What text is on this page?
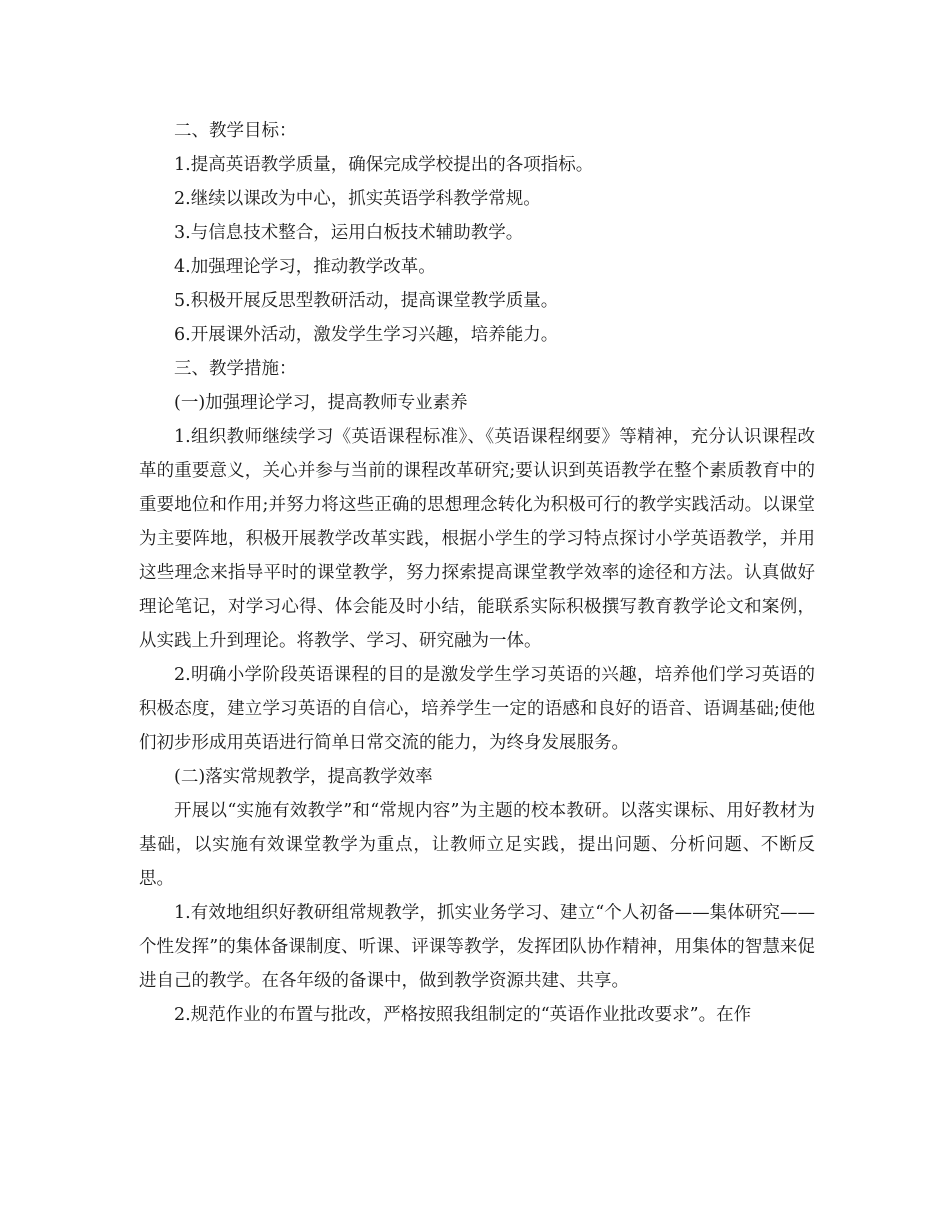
二、教学目标：

1.提高英语教学质量，确保完成学校提出的各项指标。

2.继续以课改为中心，抓实英语学科教学常规。

3.与信息技术整合，运用白板技术辅助教学。

4.加强理论学习，推动教学改革。

5.积极开展反思型教研活动，提高课堂教学质量。

6.开展课外活动，激发学生学习兴趣，培养能力。

三、教学措施：

(一)加强理论学习，提高教师专业素养

1.组织教师继续学习《英语课程标准》、《英语课程纲要》等精神，充分认识课程改革的重要意义，关心并参与当前的课程改革研究;要认识到英语教学在整个素质教育中的重要地位和作用;并努力将这些正确的思想理念转化为积极可行的教学实践活动。以课堂为主要阵地，积极开展教学改革实践，根据小学生的学习特点探讨小学英语教学，并用这些理念来指导平时的课堂教学，努力探索提高课堂教学效率的途径和方法。认真做好理论笔记，对学习心得、体会能及时小结，能联系实际积极撰写教育教学论文和案例，从实践上升到理论。将教学、学习、研究融为一体。

2.明确小学阶段英语课程的目的是激发学生学习英语的兴趣，培养他们学习英语的积极态度，建立学习英语的自信心，培养学生一定的语感和良好的语音、语调基础;使他们初步形成用英语进行简单日常交流的能力，为终身发展服务。

(二)落实常规教学，提高教学效率

开展以“实施有效教学”和“常规内容”为主题的校本教研。以落实课标、用好教材为基础，以实施有效课堂教学为重点，让教师立足实践，提出问题、分析问题、不断反思。

1.有效地组织好教研组常规教学，抓实业务学习、建立“个人初备——集体研究——个性发挥”的集体备课制度、听课、评课等教学，发挥团队协作精神，用集体的智慧来促进自己的教学。在各年级的备课中，做到教学资源共建、共享。

2.规范作业的布置与批改，严格按照我组制定的“英语作业批改要求”。在作
